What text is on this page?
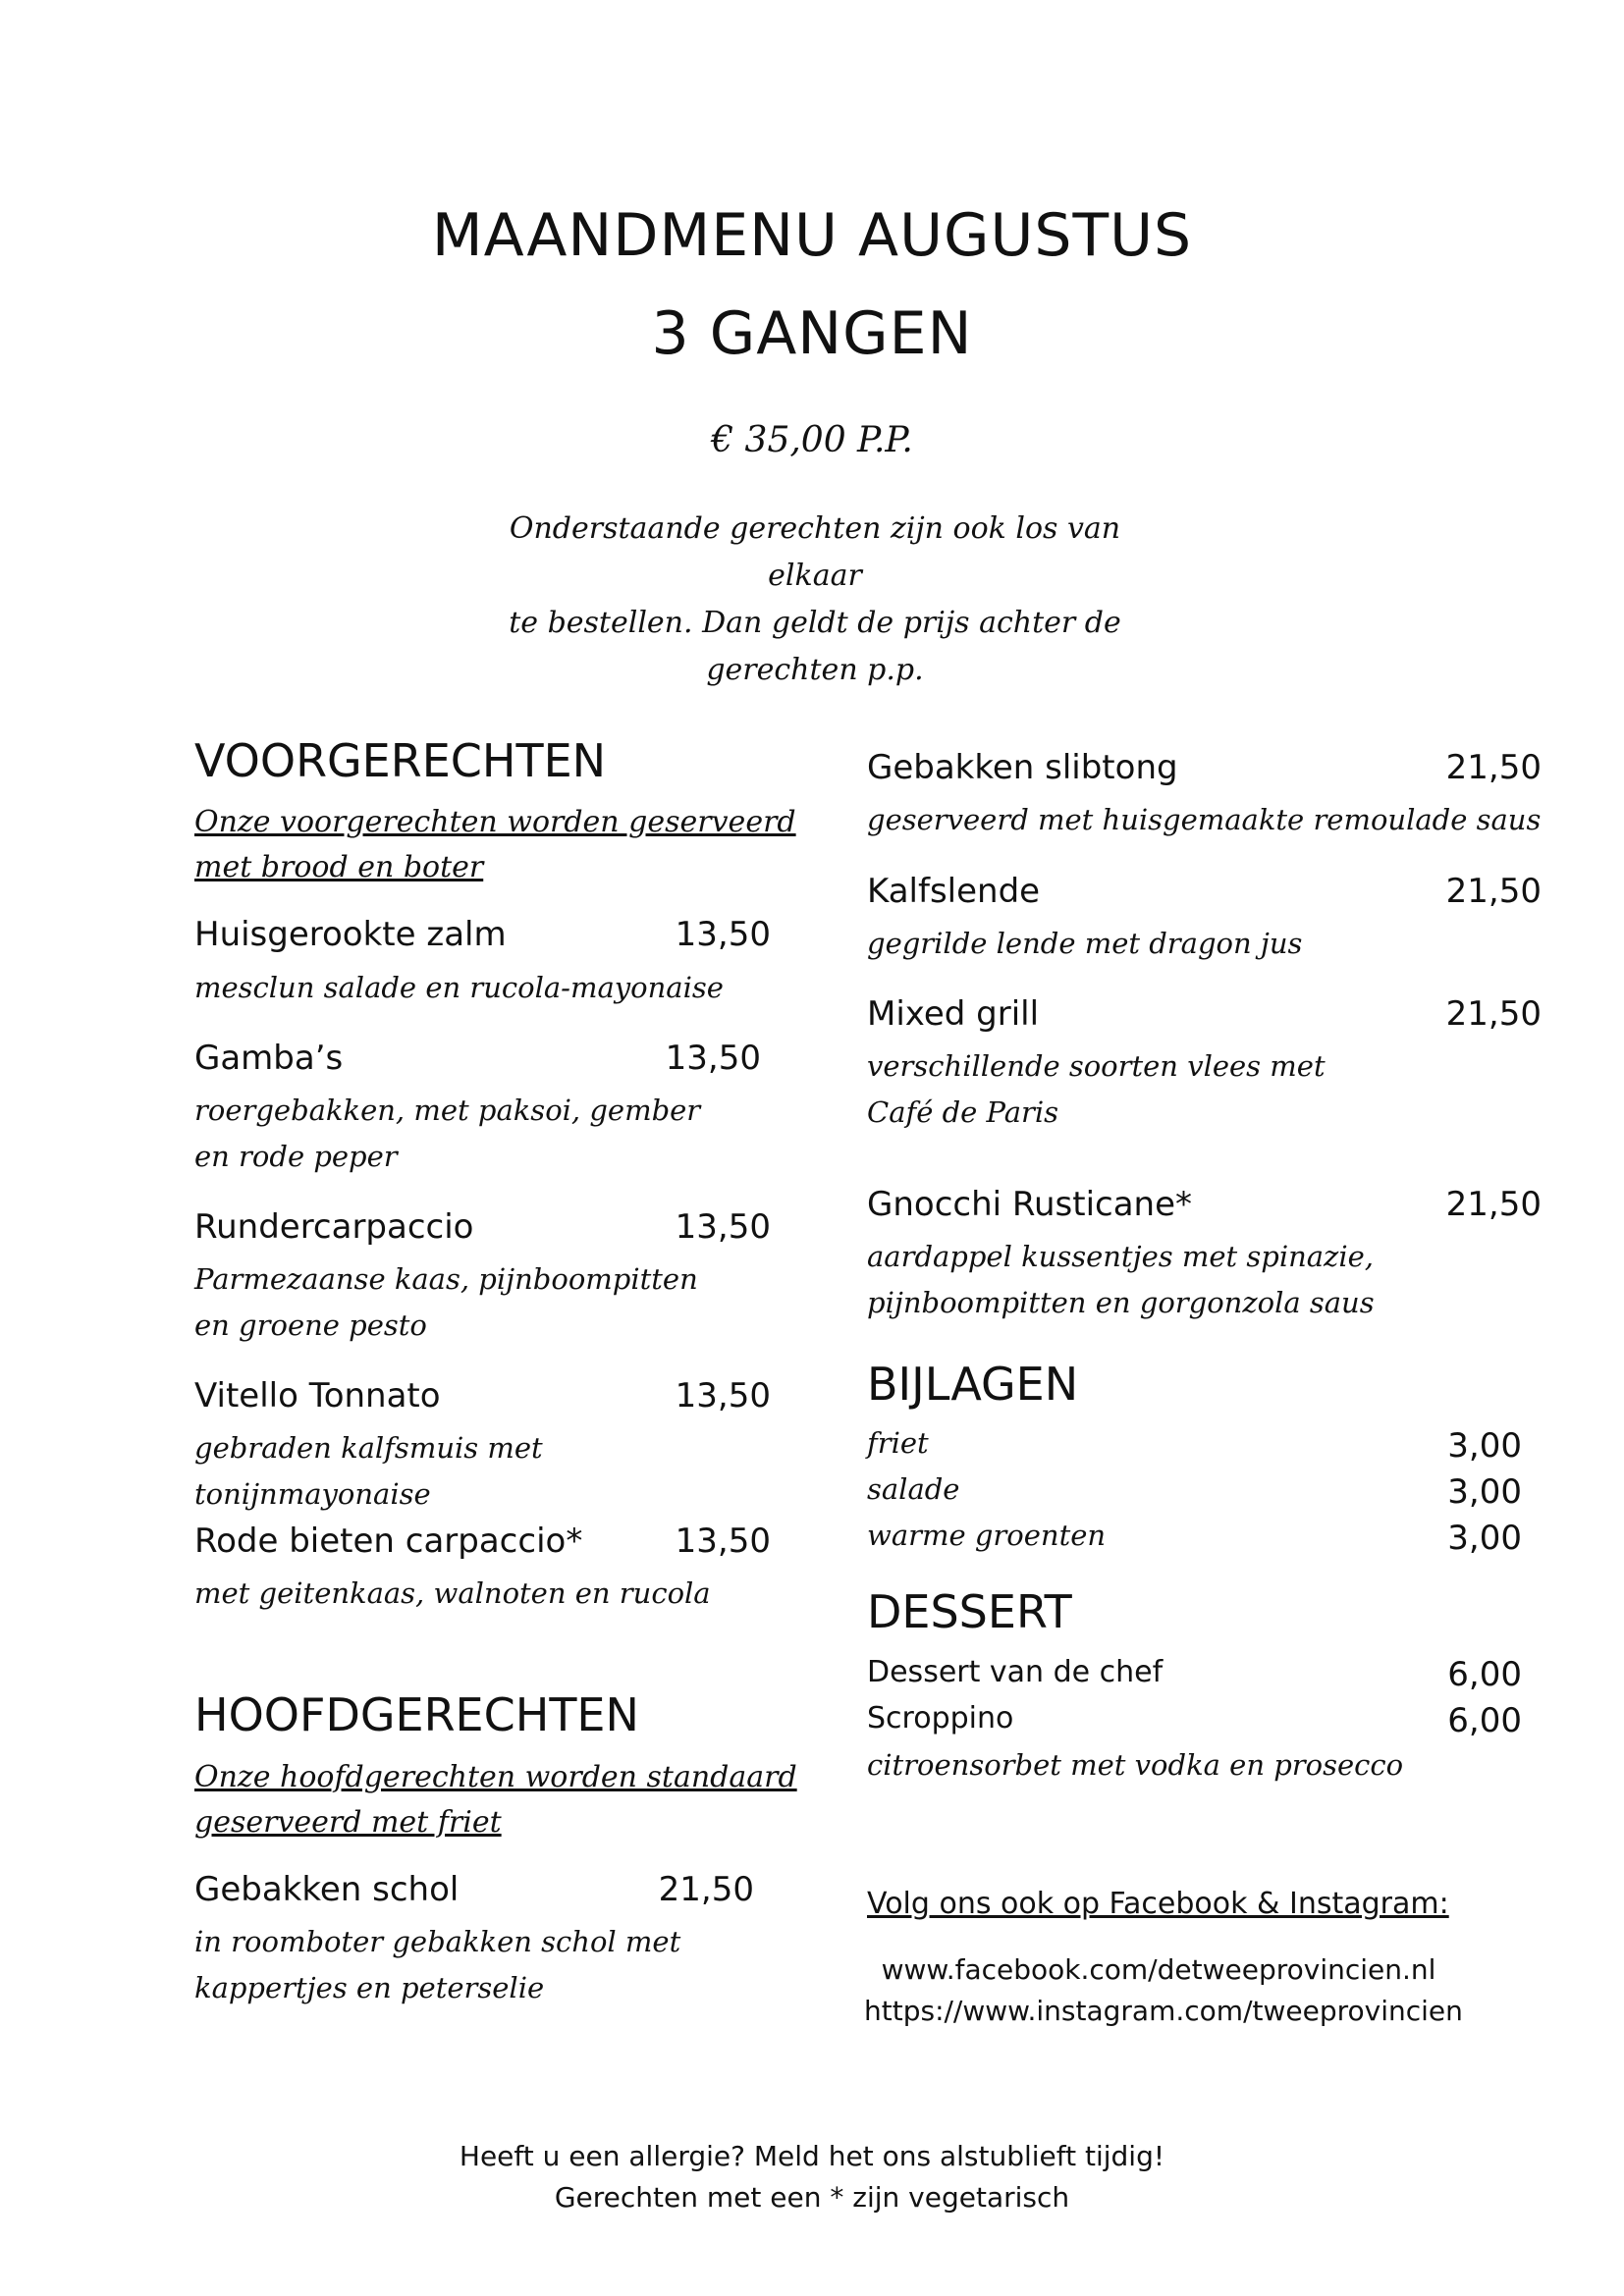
MAANDMENU AUGUSTUS
3 GANGEN
€ 35,00 P.P.
Onderstaande gerechten zijn ook los van elkaar
te bestellen. Dan geldt de prijs achter de
gerechten p.p.
VOORGERECHTEN
Onze voorgerechten worden geserveerd
met brood en boter
Huisgerookte zalm	13,50
mesclun salade en rucola-mayonaise
Gamba’s	13,50
roergebakken, met paksoi, gember
en rode peper
Rundercarpaccio	13,50
Parmezaanse kaas, pijnboompitten
en groene pesto
Vitello Tonnato	13,50
gebraden kalfsmuis met
tonijnmayonaise
Rode bieten carpaccio*	13,50
met geitenkaas, walnoten en rucola
HOOFDGERECHTEN
Onze hoofdgerechten worden standaard
geserveerd met friet
Gebakken schol	21,50
in roomboter gebakken schol met
kappertjes en peterselie
Gebakken slibtong	21,50
geserveerd met huisgemaakte remoulade saus
Kalfslende	21,50
gegrilde lende met dragon jus
Mixed grill	21,50
verschillende soorten vlees met
Café de Paris
Gnocchi Rusticane*	21,50
aardappel kussentjes met spinazie,
pijnboompitten en gorgonzola saus
BIJLAGEN
friet	3,00
salade	3,00
warme groenten	3,00
DESSERT
Dessert van de chef	6,00
Scroppino	6,00
citroensorbet met vodka en prosecco
Volg ons ook op Facebook & Instagram:
www.facebook.com/detweeprovincien.nl
https://www.instagram.com/tweeprovincien
Heeft u een allergie? Meld het ons alstublieft tijdig!
Gerechten met een * zijn vegetarisch
